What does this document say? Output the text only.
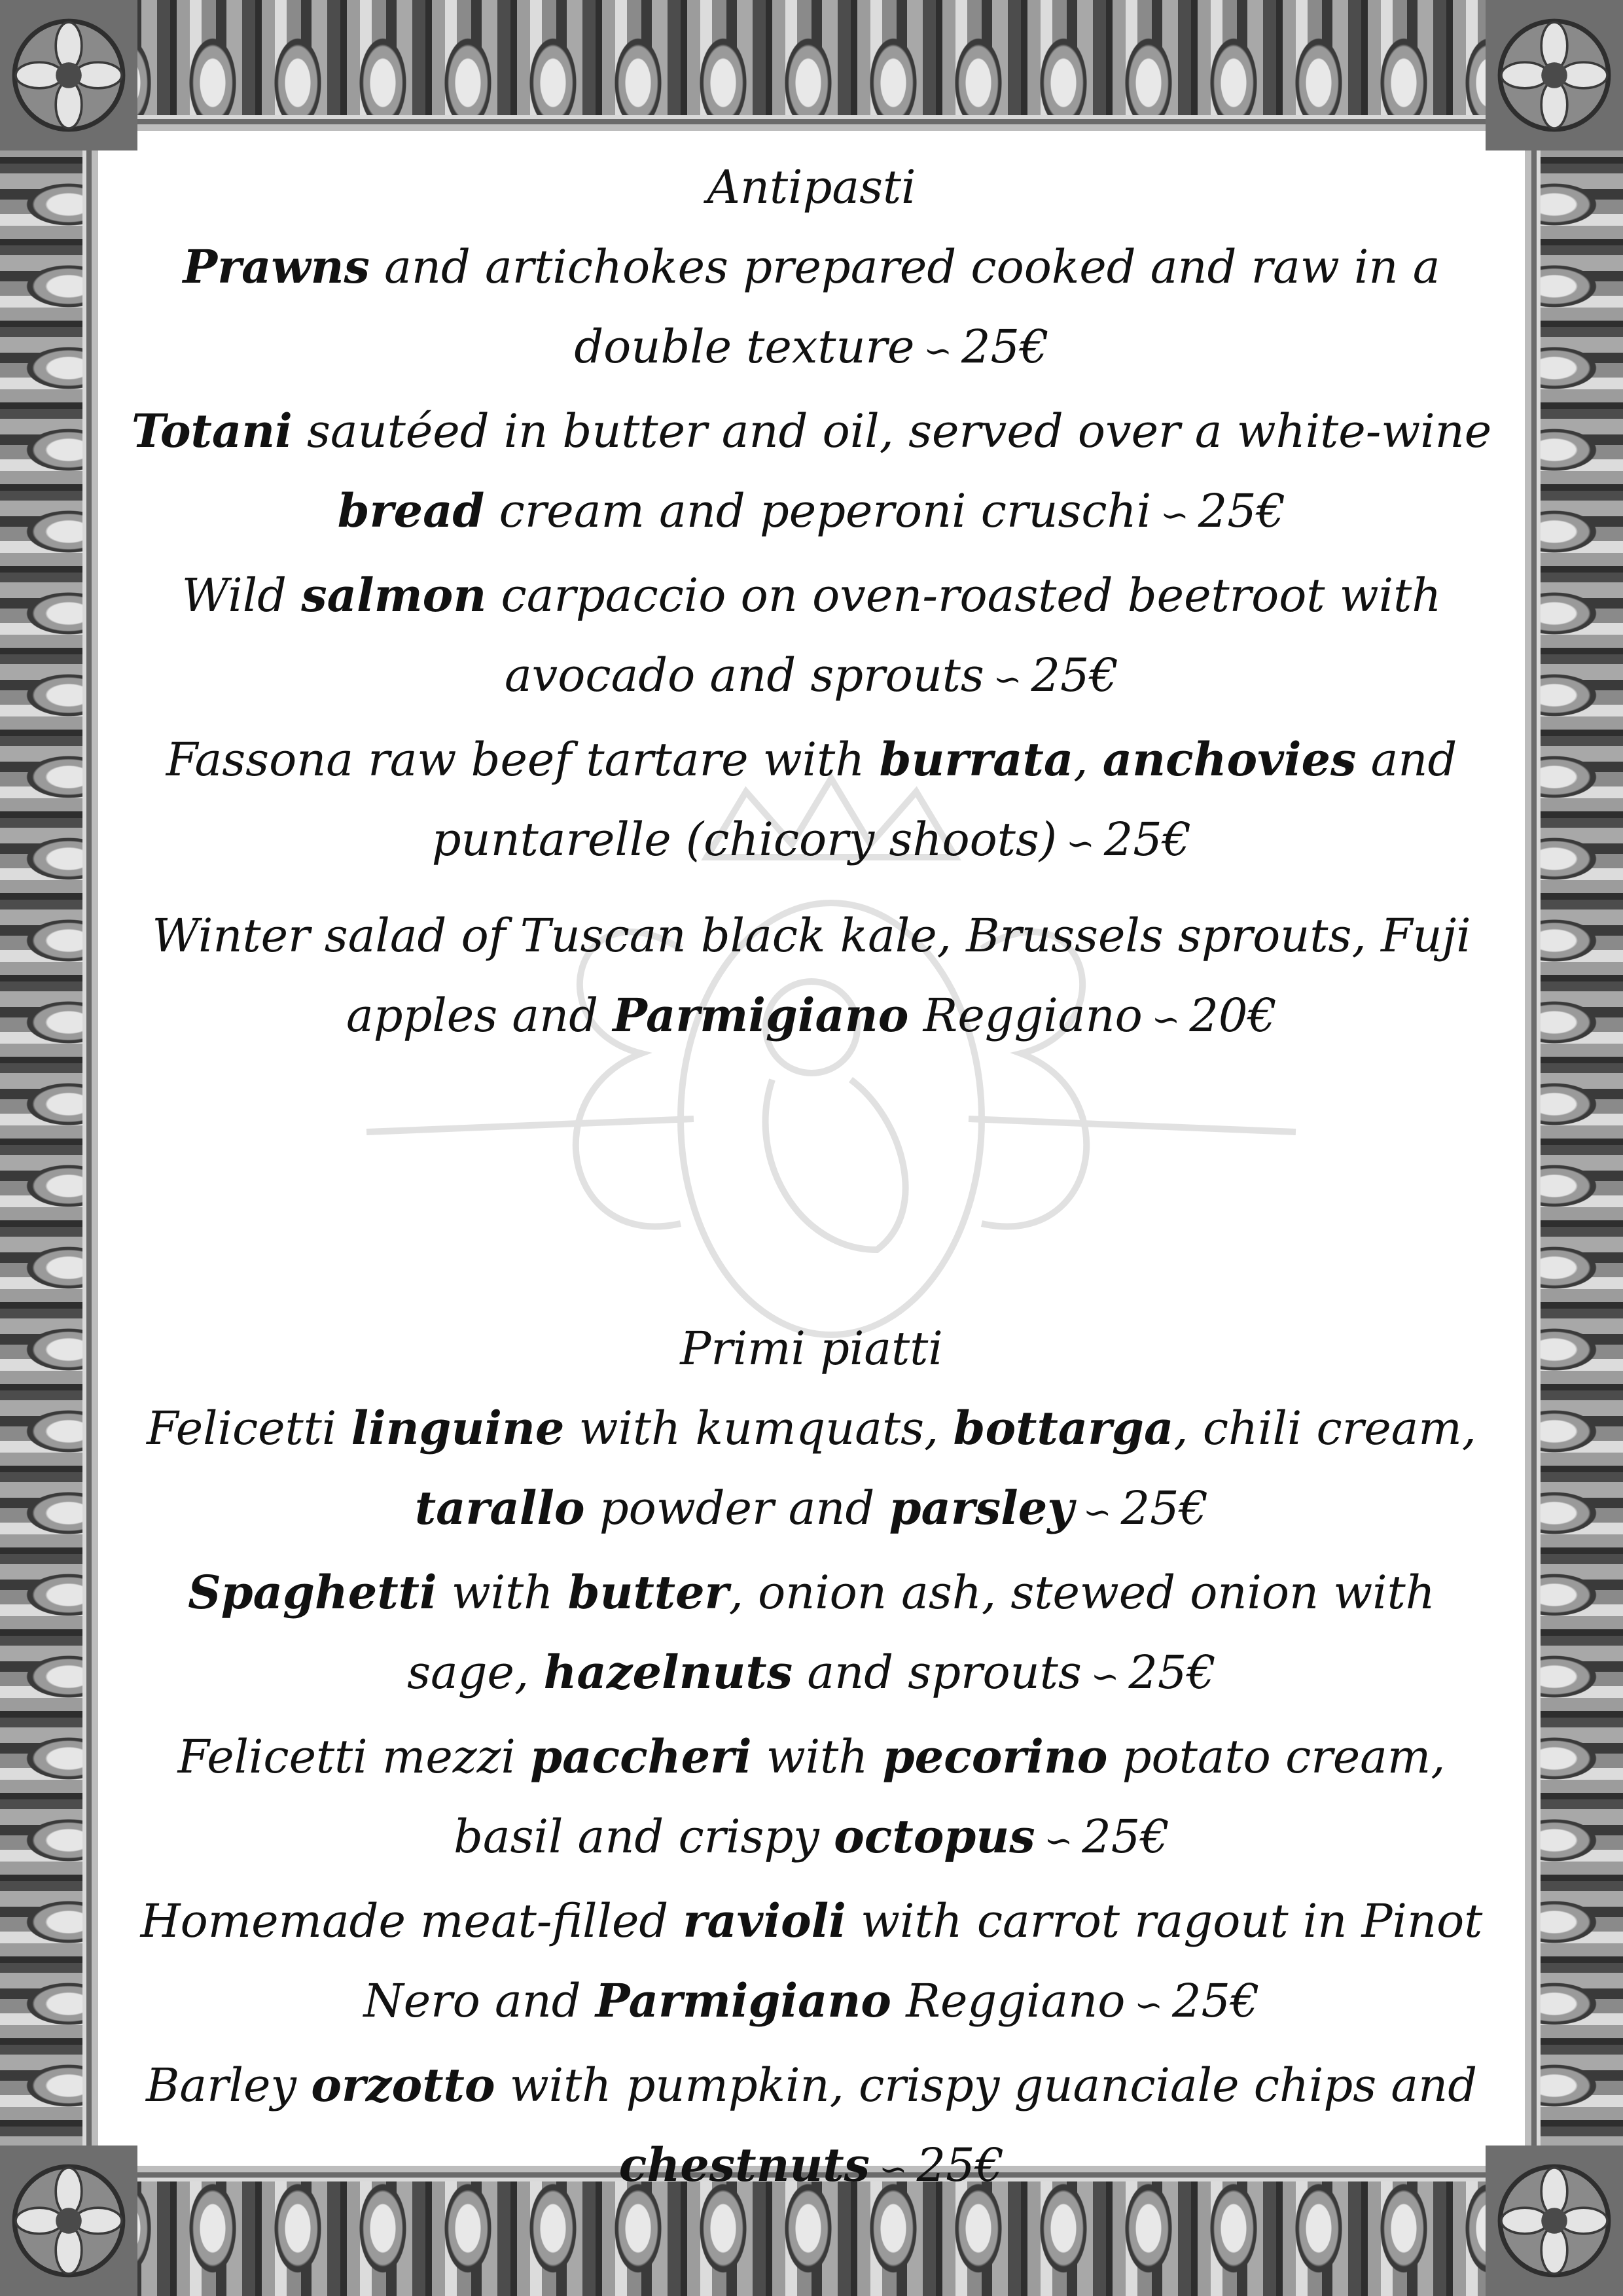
Antipasti

Prawns and artichokes prepared cooked and raw in a double texture ∽ 25€

Totani sautéed in butter and oil, served over a white-wine bread cream and peperoni cruschi ∽ 25€

Wild salmon carpaccio on oven-roasted beetroot with avocado and sprouts ∽ 25€

Fassona raw beef tartare with burrata, anchovies and puntarelle (chicory shoots) ∽ 25€

Winter salad of Tuscan black kale, Brussels sprouts, Fuji apples and Parmigiano Reggiano ∽ 20€

Primi piatti

Felicetti linguine with kumquats, bottarga, chili cream, tarallo powder and parsley ∽ 25€

Spaghetti with butter, onion ash, stewed onion with sage, hazelnuts and sprouts ∽ 25€

Felicetti mezzi paccheri with pecorino potato cream, basil and crispy octopus ∽ 25€

Homemade meat-filled ravioli with carrot ragout in Pinot Nero and Parmigiano Reggiano ∽ 25€

Barley orzotto with pumpkin, crispy guanciale chips and chestnuts ∽ 25€
